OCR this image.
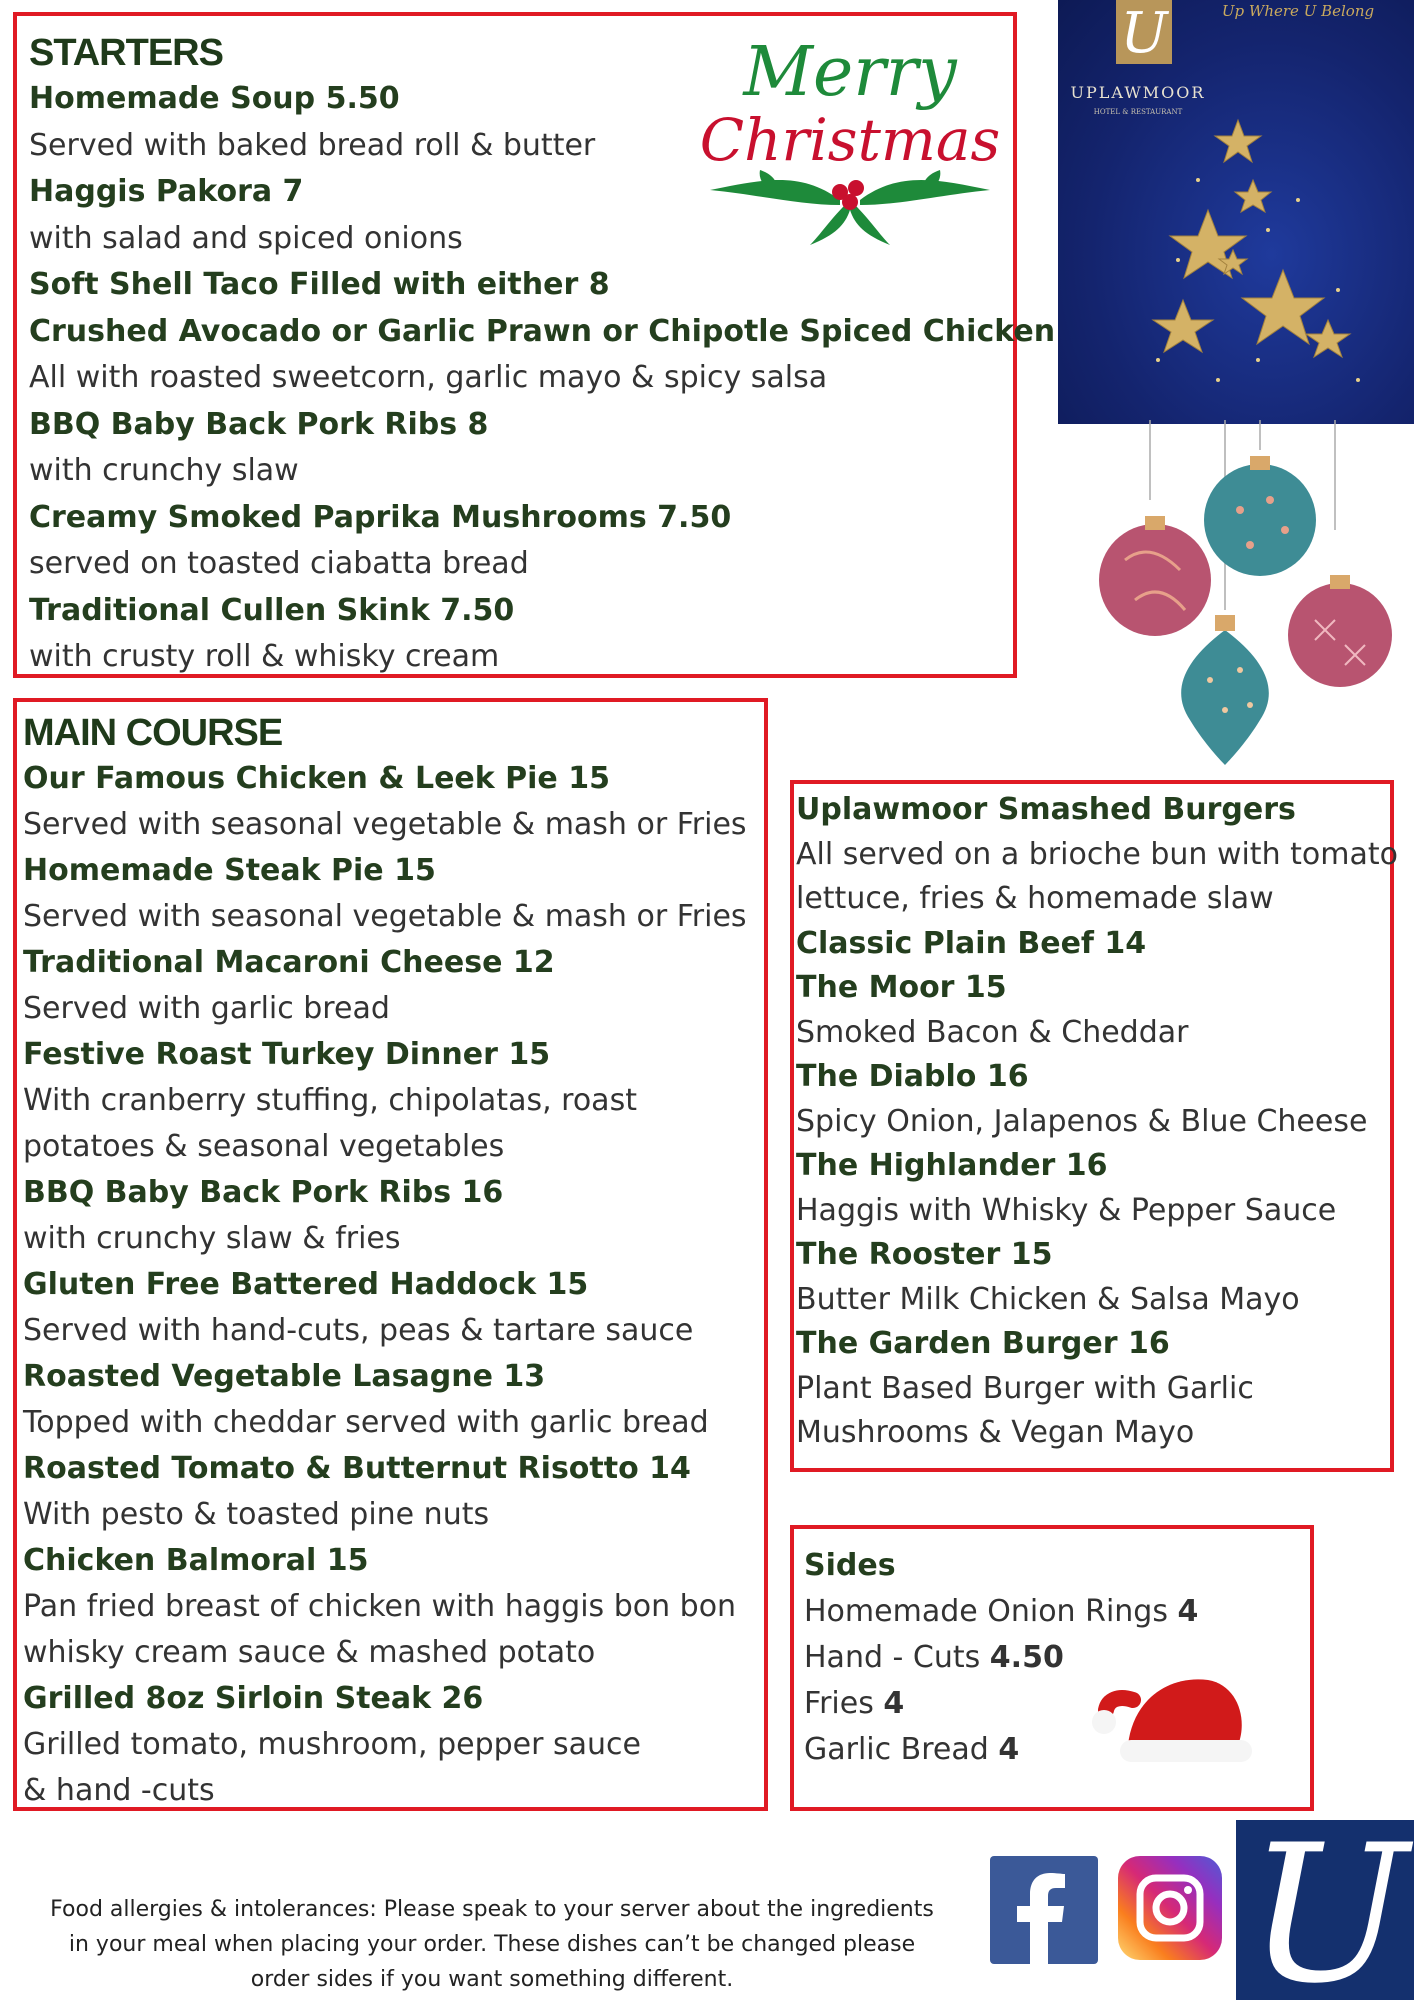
STARTERS
Homemade Soup 5.50
Served with baked bread roll & butter
Haggis Pakora 7
with salad and spiced onions
Soft Shell Taco Filled with either 8
Crushed Avocado or Garlic Prawn or Chipotle Spiced Chicken
All with roasted sweetcorn, garlic mayo & spicy salsa
BBQ Baby Back Pork Ribs 8
with crunchy slaw
Creamy Smoked Paprika Mushrooms 7.50
served on toasted ciabatta bread
Traditional Cullen Skink 7.50
with crusty roll & whisky cream
Merry
Christmas
U
UPLAWMOOR
HOTEL & RESTAURANT
Up Where U Belong
MAIN COURSE
Our Famous Chicken & Leek Pie 15
Served with seasonal vegetable & mash or Fries
Homemade Steak Pie 15
Served with seasonal vegetable & mash or Fries
Traditional Macaroni Cheese 12
Served with garlic bread
Festive Roast Turkey Dinner 15
With cranberry stuffing, chipolatas, roast
potatoes & seasonal vegetables
BBQ Baby Back Pork Ribs 16
with crunchy slaw & fries
Gluten Free Battered Haddock 15
Served with hand-cuts, peas & tartare sauce
Roasted Vegetable Lasagne 13
Topped with cheddar served with garlic bread
Roasted Tomato & Butternut Risotto 14
With pesto & toasted pine nuts
Chicken Balmoral 15
Pan fried breast of chicken with haggis bon bon
whisky cream sauce & mashed potato
Grilled 8oz Sirloin Steak 26
Grilled tomato, mushroom, pepper sauce
& hand -cuts
Uplawmoor Smashed Burgers
All served on a brioche bun with tomato
lettuce, fries & homemade slaw
Classic Plain Beef 14
The Moor 15
Smoked Bacon & Cheddar
The Diablo 16
Spicy Onion, Jalapenos & Blue Cheese
The Highlander 16
Haggis with Whisky & Pepper Sauce
The Rooster 15
Butter Milk Chicken & Salsa Mayo
The Garden Burger 16
Plant Based Burger with Garlic
Mushrooms & Vegan Mayo
Sides
Homemade Onion Rings 4
Hand - Cuts 4.50
Fries 4
Garlic Bread 4
Food allergies & intolerances: Please speak to your server about the ingredients
in your meal when placing your order. These dishes can’t be changed please
order sides if you want something different.	U
